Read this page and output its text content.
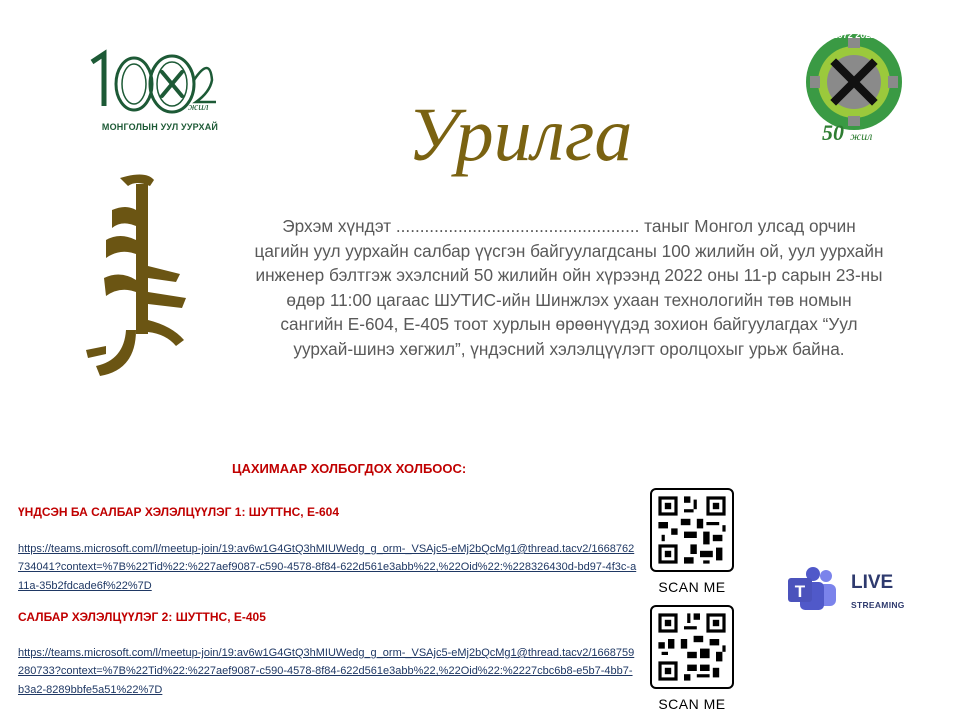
жил
МОНГОЛЫН УУЛ УУРХАЙ
1972 2022
50 жил
Урилга
Эрхэм хүндэт ................................................... таныг Монгол улсад орчин цагийн уул уурхайн салбар үүсгэн байгуулагдсаны 100 жилийн ой, уул уурхайн инженер бэлтгэж эхэлсний 50 жилийн ойн хүрээнд 2022 оны 11-р сарын 23-ны өдөр 11:00 цагаас ШУТИС-ийн Шинжлэх ухаан технологийн төв номын сангийн Е-604, Е-405 тоот хурлын өрөөнүүдэд зохион байгуулагдах “Уул уурхай-шинэ хөгжил”, үндэсний хэлэлцүүлэгт оролцохыг урьж байна.
ЦАХИМААР ХОЛБОГДОХ ХОЛБООС:
ҮНДСЭН БА САЛБАР ХЭЛЭЛЦҮҮЛЭГ 1: ШУТТНС, Е-604
https://teams.microsoft.com/l/meetup-join/19:av6w1G4GtQ3hMIUWedg_g_orm-_VSAjc5-eMj2bQcMg1@thread.tacv2/1668762734041?context=%7B%22Tid%22:%227aef9087-c590-4578-8f84-622d561e3abb%22,%22Oid%22:%228326430d-bd97-4f3c-a11a-35b2fdcade6f%22%7D
САЛБАР ХЭЛЭЛЦҮҮЛЭГ 2: ШУТТНС, Е-405
https://teams.microsoft.com/l/meetup-join/19:av6w1G4GtQ3hMIUWedg_g_orm-_VSAjc5-eMj2bQcMg1@thread.tacv2/1668759280733?context=%7B%22Tid%22:%227aef9087-c590-4578-8f84-622d561e3abb%22,%22Oid%22:%2227cbc6b8-e5b7-4bb7-b3a2-8289bbfe5a51%22%7D
SCAN ME
SCAN ME
T LIVE
STREAMING
